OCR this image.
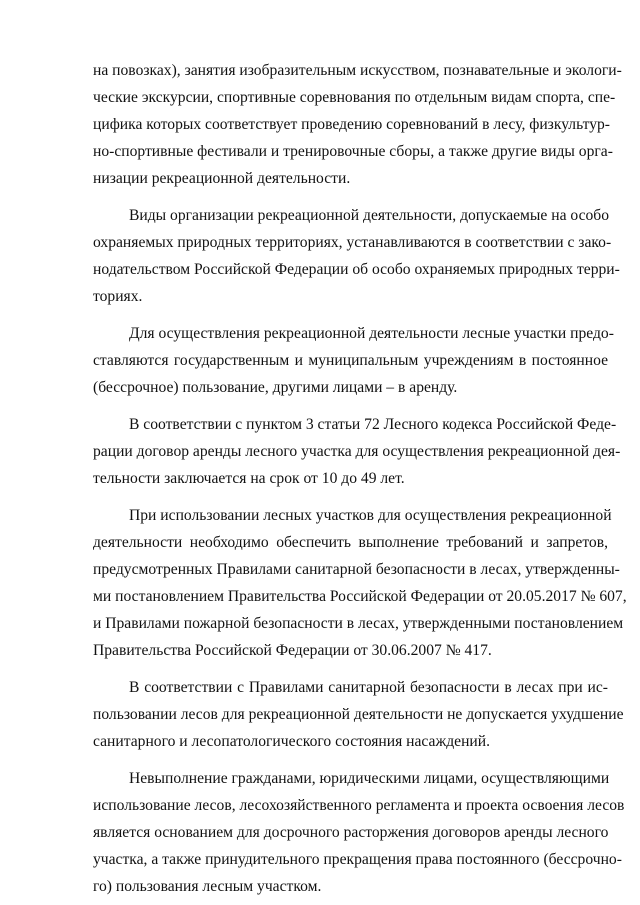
на повозках), занятия изобразительным искусством, познавательные и экологи-
ческие экскурсии, спортивные соревнования по отдельным видам спорта, спе-
цифика которых соответствует проведению соревнований в лесу, физкультур-
но-спортивные фестивали и тренировочные сборы, а также другие виды орга-
низации рекреационной деятельности.
Виды организации рекреационной деятельности, допускаемые на особо
охраняемых природных территориях, устанавливаются в соответствии с зако-
нодательством Российской Федерации об особо охраняемых природных терри-
ториях.
Для осуществления рекреационной деятельности лесные участки предо-
ставляются государственным и муниципальным учреждениям в постоянное
(бессрочное) пользование, другими лицами – в аренду.
В соответствии с пунктом 3 статьи 72 Лесного кодекса Российской Феде-
рации договор аренды лесного участка для осуществления рекреационной дея-
тельности заключается на срок от 10 до 49 лет.
При использовании лесных участков для осуществления рекреационной
деятельности необходимо обеспечить выполнение требований и запретов,
предусмотренных Правилами санитарной безопасности в лесах, утвержденны-
ми постановлением Правительства Российской Федерации от 20.05.2017 № 607,
и Правилами пожарной безопасности в лесах, утвержденными постановлением
Правительства Российской Федерации от 30.06.2007 № 417.
В соответствии с Правилами санитарной безопасности в лесах при ис-
пользовании лесов для рекреационной деятельности не допускается ухудшение
санитарного и лесопатологического состояния насаждений.
Невыполнение гражданами, юридическими лицами, осуществляющими
использование лесов, лесохозяйственного регламента и проекта освоения лесов
является основанием для досрочного расторжения договоров аренды лесного
участка, а также принудительного прекращения права постоянного (бессрочно-
го) пользования лесным участком.
